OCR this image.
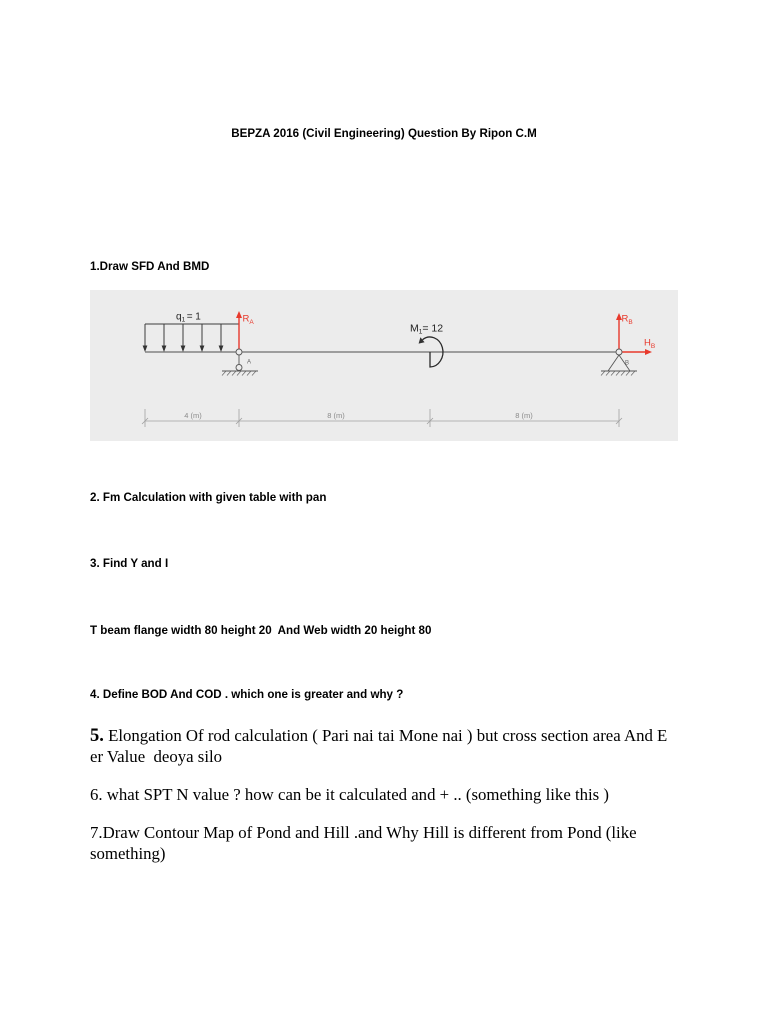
BEPZA 2016 (Civil Engineering) Question By Ripon C.M
1.Draw SFD And BMD
4 (m)	8 (m)	8 (m)
$q_1 = 1$
M1= 12
A
$R_A$
B
$R_B$
$H_B$
2. Fm Calculation with given table with pan
3. Find Y and I
T beam flange width 80 height 20  And Web width 20 height 80
4. Define BOD And COD . which one is greater and why ?
5. Elongation Of rod calculation ( Pari nai tai Mone nai ) but cross section area And E
er Value  deoya silo
6. what SPT N value ? how can be it calculated and + .. (something like this )
7.Draw Contour Map of Pond and Hill .and Why Hill is different from Pond (like
something)
